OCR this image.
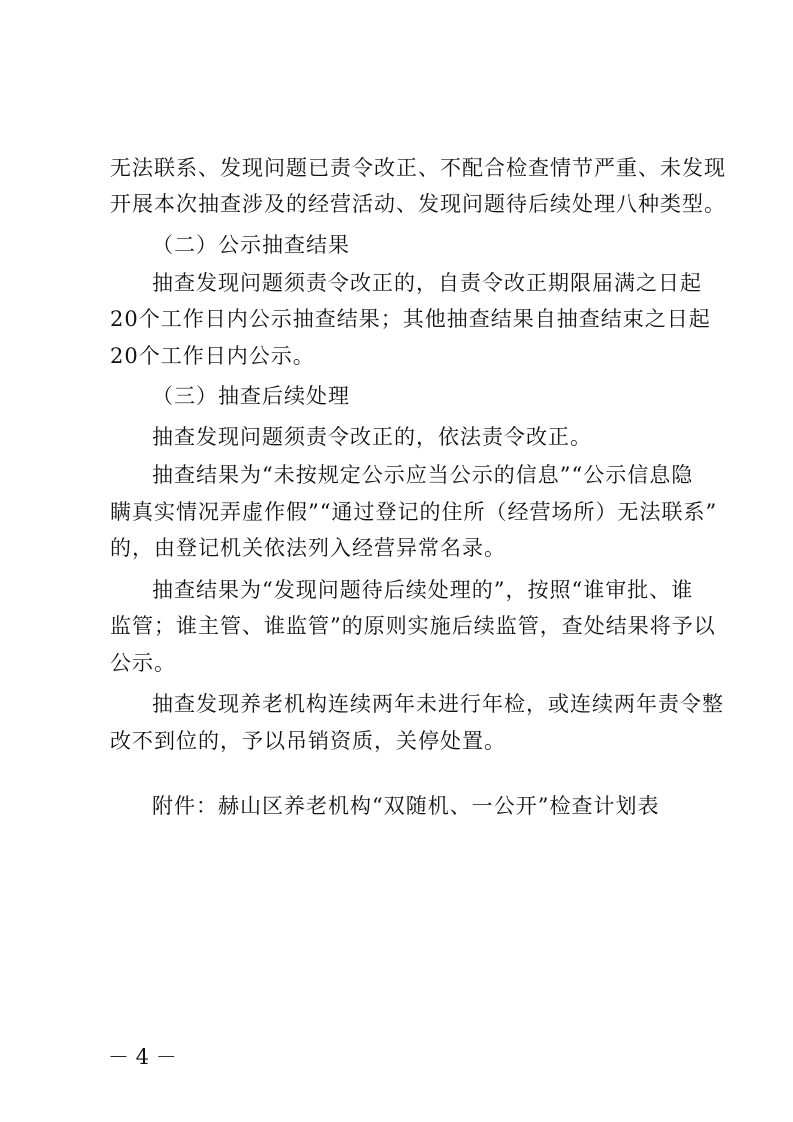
无法联系、发现问题已责令改正、不配合检查情节严重、未发现
开展本次抽查涉及的经营活动、发现问题待后续处理八种类型。
（二）公示抽查结果
抽查发现问题须责令改正的，自责令改正期限届满之日起
20个工作日内公示抽查结果；其他抽查结果自抽查结束之日起
20个工作日内公示。
（三）抽查后续处理
抽查发现问题须责令改正的，依法责令改正。
抽查结果为“未按规定公示应当公示的信息”“公示信息隐
瞒真实情况弄虚作假”“通过登记的住所（经营场所）无法联系”
的，由登记机关依法列入经营异常名录。
抽查结果为“发现问题待后续处理的”，按照“谁审批、谁
监管；谁主管、谁监管”的原则实施后续监管，查处结果将予以
公示。
抽查发现养老机构连续两年未进行年检，或连续两年责令整
改不到位的，予以吊销资质，关停处置。
附件：赫山区养老机构“双随机、一公开”检查计划表
－ 4 －
